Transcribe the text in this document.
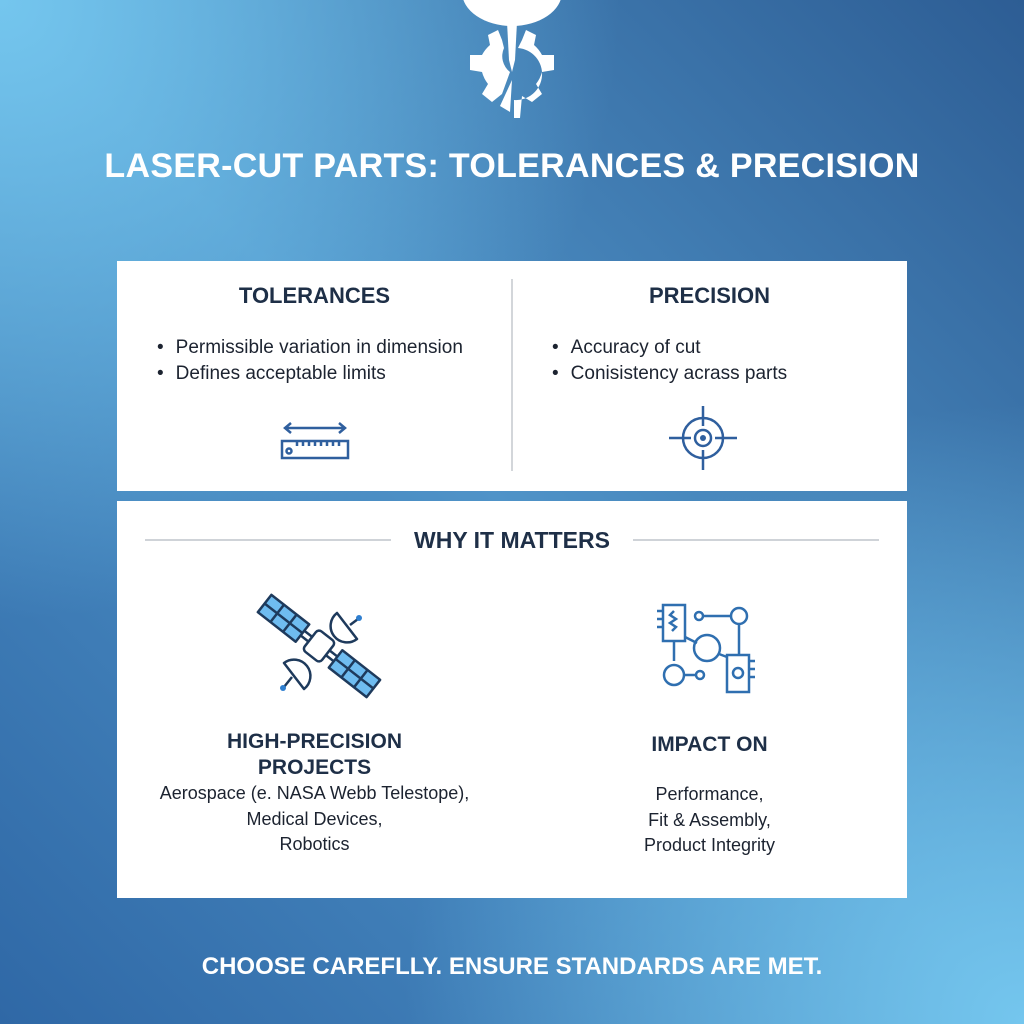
LASER-CUT PARTS: TOLERANCES & PRECISION
TOLERANCES
• Permissible variation in dimension
• Defines acceptable limits
PRECISION
• Accuracy of cut
• Conisistency acrass parts
WHY IT MATTERS
HIGH-PRECISION
PROJECTS

Aerospace (e. NASA Webb Telestope),

Medical Devices,

Robotics

IMPACT ON

Performance,

Fit & Assembly,

Product Integrity

CHOOSE CAREFLLY. ENSURE STANDARDS ARE MET.
